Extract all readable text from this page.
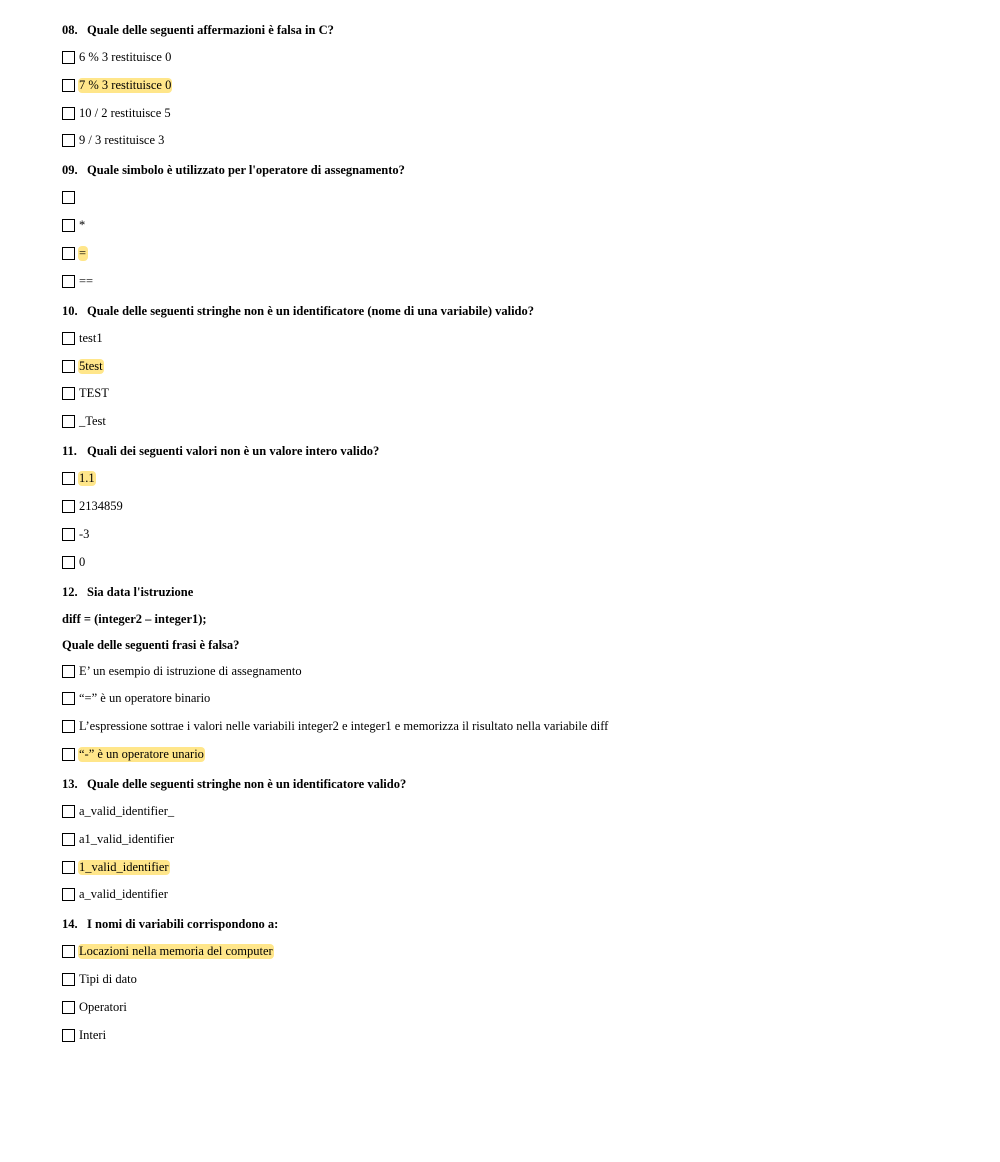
08. Quale delle seguenti affermazioni è falsa in C?
6 % 3 restituisce 0
7 % 3 restituisce 0
10 / 2 restituisce 5
9 / 3 restituisce 3
09. Quale simbolo è utilizzato per l'operatore di assegnamento?
*
=
==
10. Quale delle seguenti stringhe non è un identificatore (nome di una variabile) valido?
test1
5test
TEST
_Test
11. Quali dei seguenti valori non è un valore intero valido?
1.1
2134859
-3
0
12. Sia data l'istruzione
diff = (integer2 – integer1);
Quale delle seguenti frasi è falsa?
E’ un esempio di istruzione di assegnamento
“=” è un operatore binario
L’espressione sottrae i valori nelle variabili integer2 e integer1 e memorizza il risultato nella variabile diff
“-” è un operatore unario
13. Quale delle seguenti stringhe non è un identificatore valido?
a_valid_identifier_
a1_valid_identifier
1_valid_identifier
a_valid_identifier
14. I nomi di variabili corrispondono a:
Locazioni nella memoria del computer
Tipi di dato
Operatori
Interi
